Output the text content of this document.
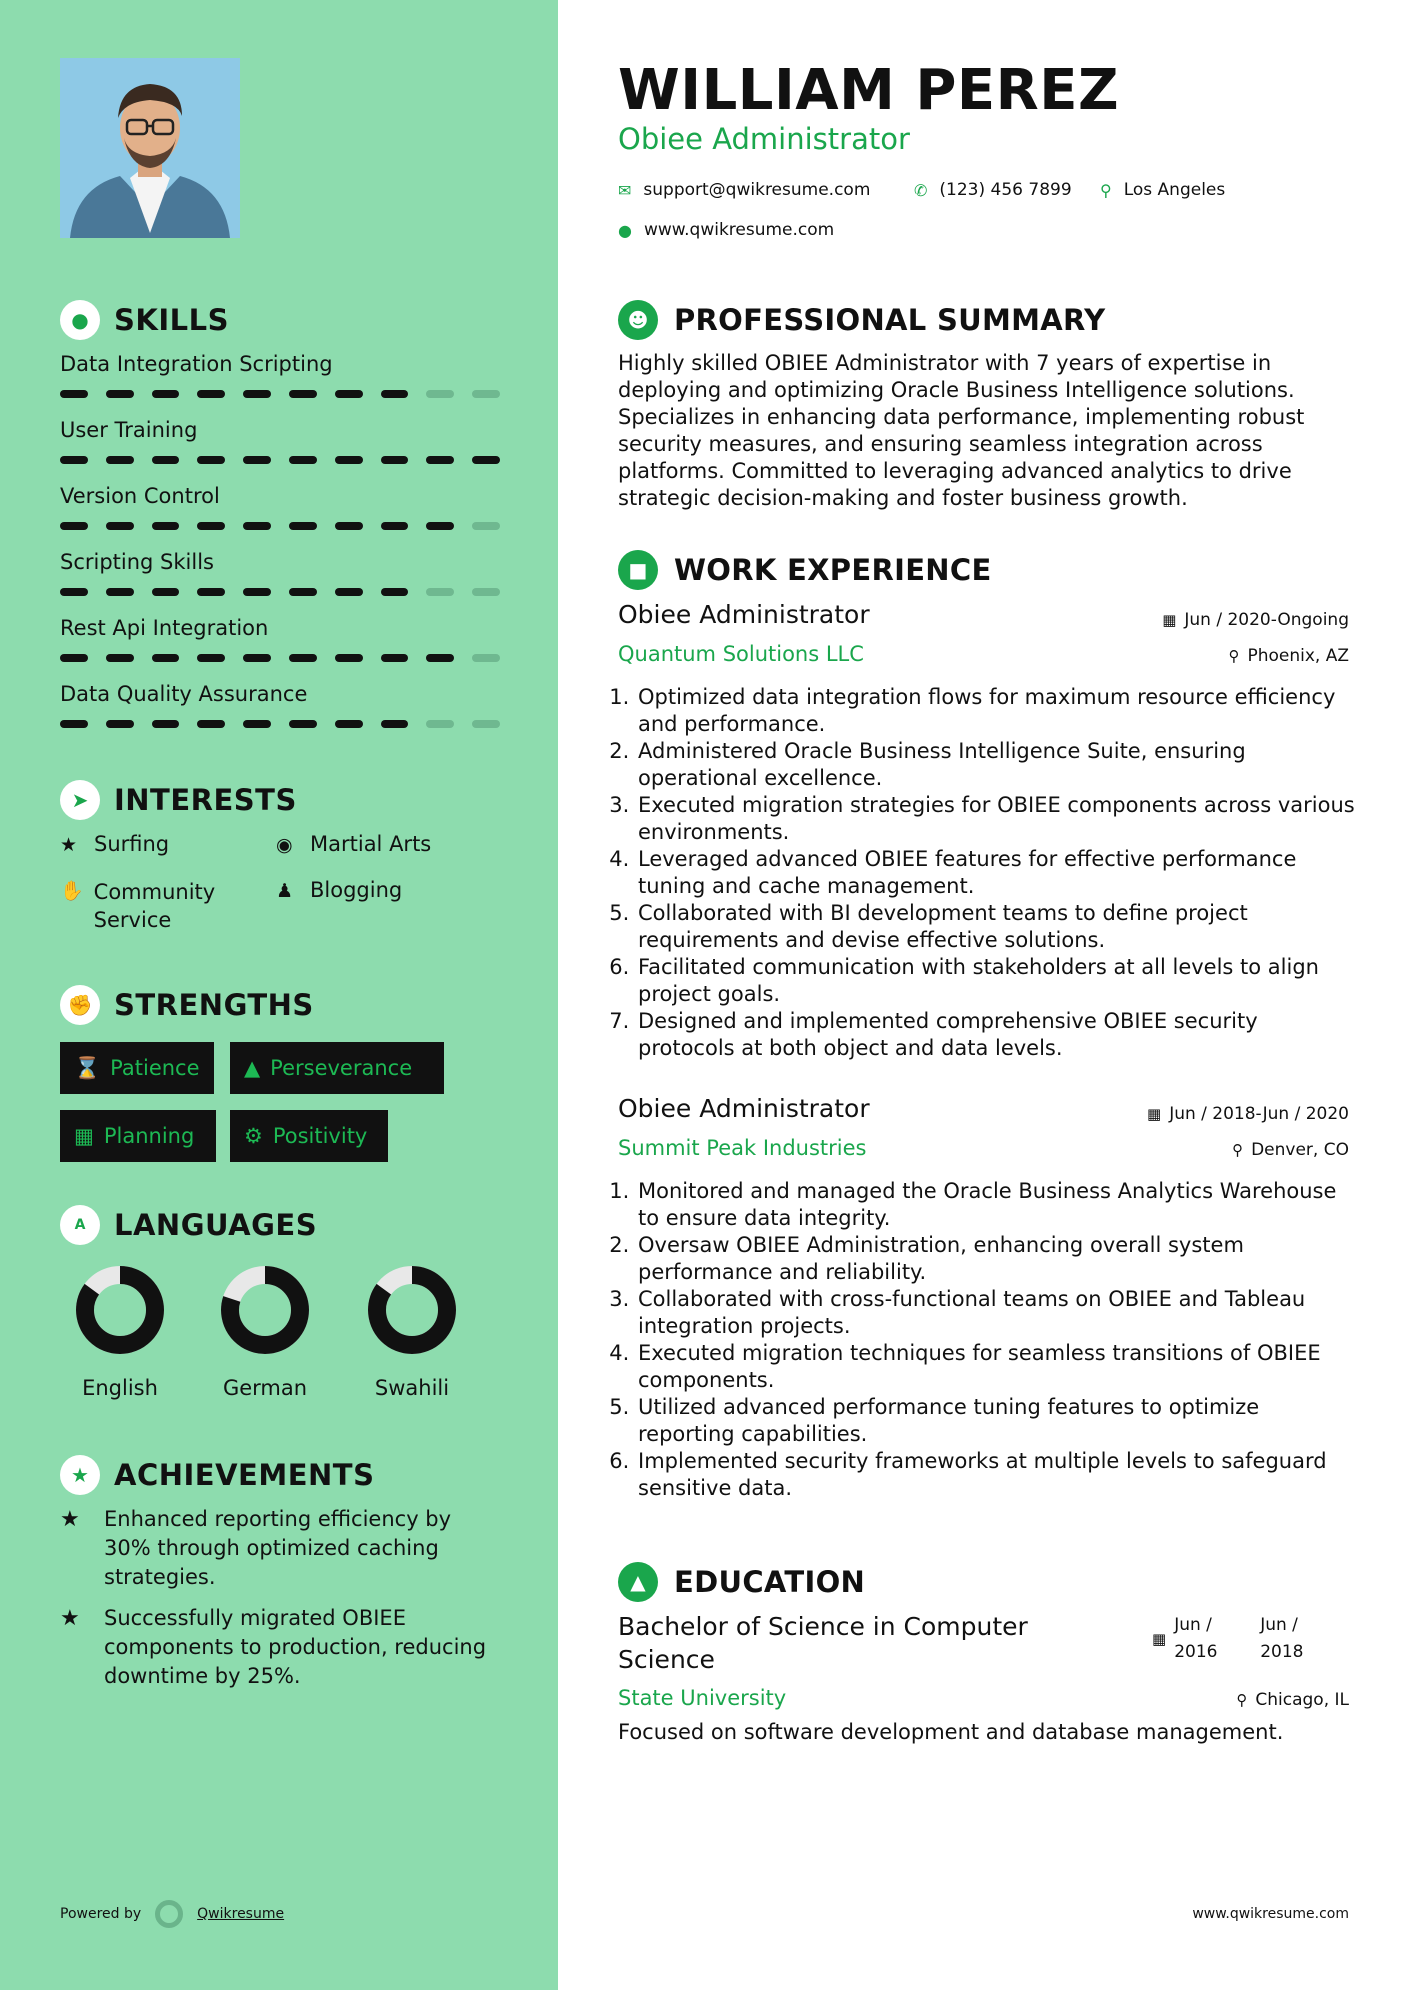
● SKILLS
Data Integration Scripting
User Training
Version Control
Scripting Skills
Rest Api Integration
Data Quality Assurance
➤ INTERESTS
★ Surfing	◉ Martial Arts
✋ Community Service
♟ Blogging
✊ STRENGTHS
⌛ Patience ▲ Perseverance
▦ Planning ⚙ Positivity
A LANGUAGES
English	German	Swahili
★ ACHIEVEMENTS
★	Enhanced reporting efficiency by 30% through optimized caching strategies.
★	Successfully migrated OBIEE components to production, reducing downtime by 25%.
Powered by	Qwikresume
WILLIAM PEREZ
Obiee Administrator
✉ support@qwikresume.com	✆ (123) 456 7899 ⚲ Los Angeles
● www.qwikresume.com
☻ PROFESSIONAL SUMMARY
Highly skilled OBIEE Administrator with 7 years of expertise in deploying and optimizing Oracle Business Intelligence solutions. Specializes in enhancing data performance, implementing robust security measures, and ensuring seamless integration across platforms. Committed to leveraging advanced analytics to drive strategic decision-making and foster business growth.
■ WORK EXPERIENCE
Obiee Administrator	▦ Jun / 2020-Ongoing
Quantum Solutions LLC	⚲ Phoenix, AZ
1. Optimized data integration flows for maximum resource efficiency and performance.
2. Administered Oracle Business Intelligence Suite, ensuring operational excellence.
3. Executed migration strategies for OBIEE components across various environments.
4. Leveraged advanced OBIEE features for effective performance tuning and cache management.
5. Collaborated with BI development teams to define project requirements and devise effective solutions.
6. Facilitated communication with stakeholders at all levels to align project goals.
7. Designed and implemented comprehensive OBIEE security protocols at both object and data levels.
Obiee Administrator	▦ Jun / 2018-Jun / 2020
Summit Peak Industries	⚲ Denver, CO
1. Monitored and managed the Oracle Business Analytics Warehouse to ensure data integrity.
2. Oversaw OBIEE Administration, enhancing overall system performance and reliability.
3. Collaborated with cross-functional teams on OBIEE and Tableau integration projects.
4. Executed migration techniques for seamless transitions of OBIEE components.
5. Utilized advanced performance tuning features to optimize reporting capabilities.
6. Implemented security frameworks at multiple levels to safeguard sensitive data.
▲ EDUCATION
Bachelor of Science in Computer
Science
▦
Jun / 2016
Jun / 2018
State University	⚲ Chicago, IL
Focused on software development and database management.
www.qwikresume.com
